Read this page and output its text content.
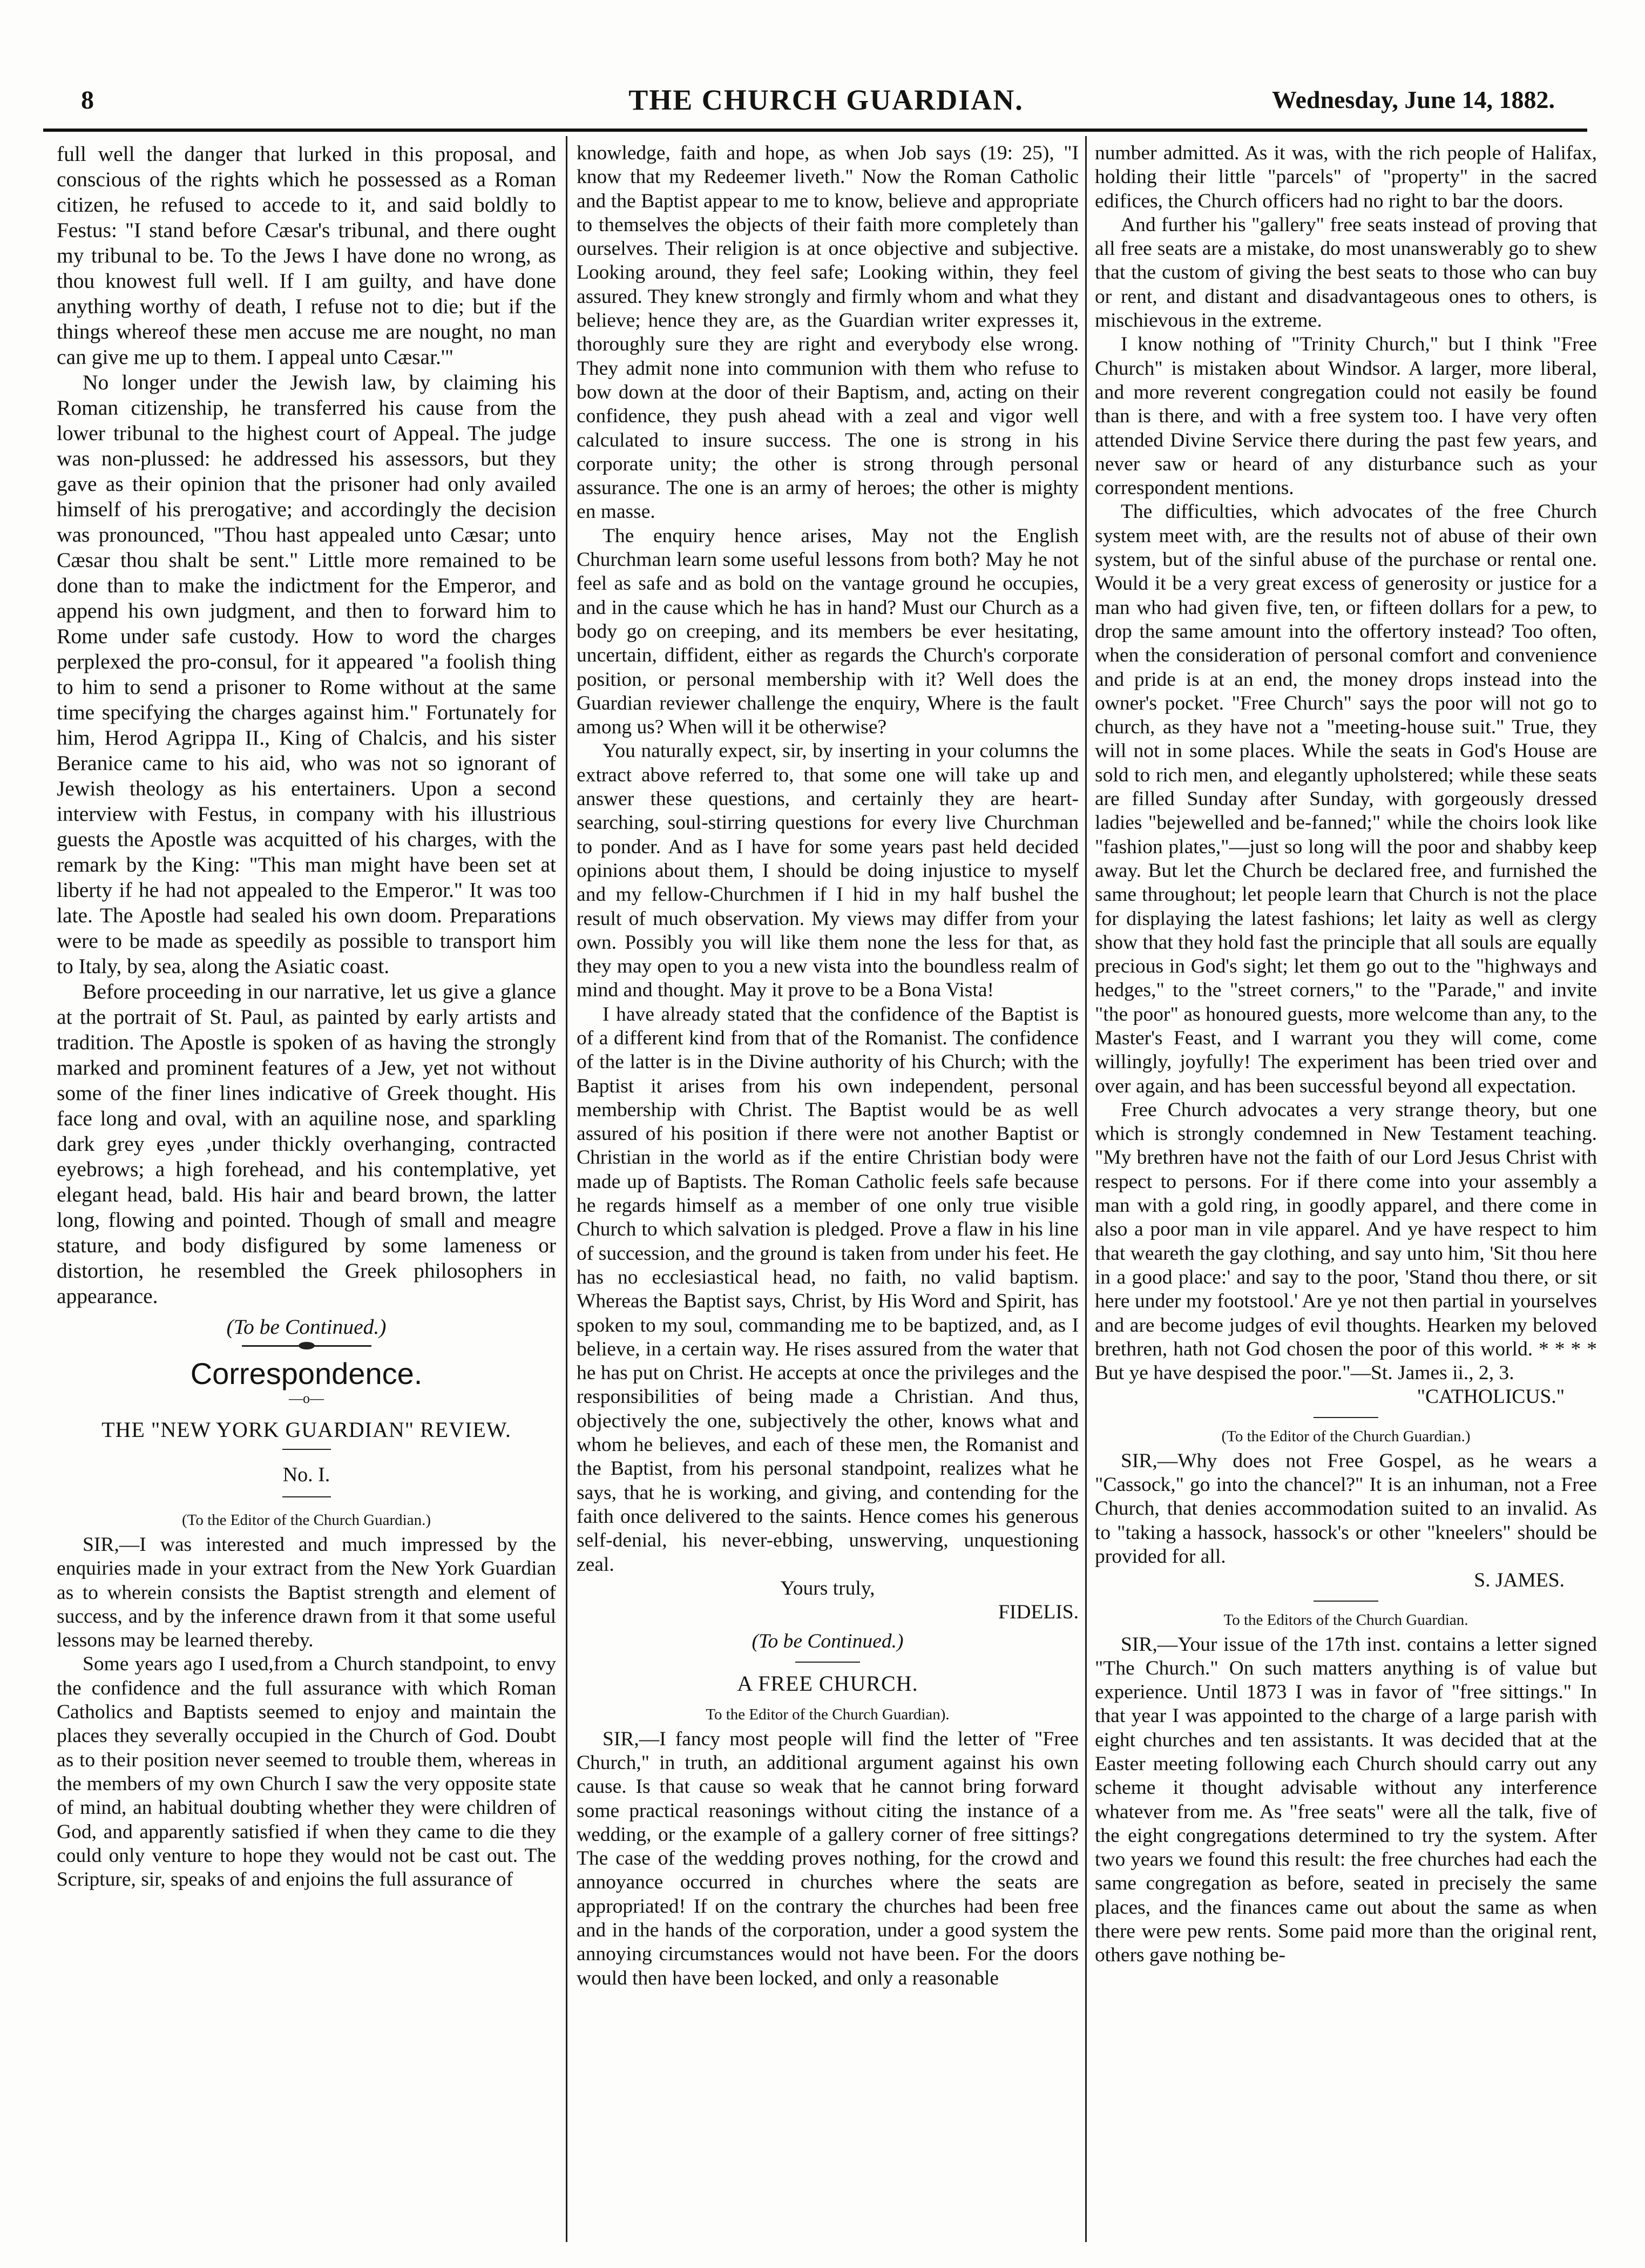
8	THE CHURCH GUARDIAN.	Wednesday, June 14, 1882.

full well the danger that lurked in this proposal, and conscious of the rights which he possessed as a Roman citizen, he refused to accede to it, and said boldly to Festus: "I stand before Cæsar's tribunal, and there ought my tribunal to be. To the Jews I have done no wrong, as thou knowest full well. If I am guilty, and have done anything worthy of death, I refuse not to die; but if the things whereof these men accuse me are nought, no man can give me up to them. I appeal unto Cæsar.'"

No longer under the Jewish law, by claiming his Roman citizenship, he transferred his cause from the lower tribunal to the highest court of Appeal. The judge was non-plussed: he addressed his assessors, but they gave as their opinion that the prisoner had only availed himself of his prerogative; and accordingly the decision was pronounced, "Thou hast appealed unto Cæsar; unto Cæsar thou shalt be sent." Little more remained to be done than to make the indictment for the Emperor, and append his own judgment, and then to forward him to Rome under safe custody. How to word the charges perplexed the pro-consul, for it appeared "a foolish thing to him to send a prisoner to Rome without at the same time specifying the charges against him." Fortunately for him, Herod Agrippa II., King of Chalcis, and his sister Beranice came to his aid, who was not so ignorant of Jewish theology as his entertainers. Upon a second interview with Festus, in company with his illustrious guests the Apostle was acquitted of his charges, with the remark by the King: "This man might have been set at liberty if he had not appealed to the Emperor." It was too late. The Apostle had sealed his own doom. Preparations were to be made as speedily as possible to transport him to Italy, by sea, along the Asiatic coast.

Before proceeding in our narrative, let us give a glance at the portrait of St. Paul, as painted by early artists and tradition. The Apostle is spoken of as having the strongly marked and prominent features of a Jew, yet not without some of the finer lines indicative of Greek thought. His face long and oval, with an aquiline nose, and sparkling dark grey eyes ,under thickly overhanging, contracted eyebrows; a high forehead, and his contemplative, yet elegant head, bald. His hair and beard brown, the latter long, flowing and pointed. Though of small and meagre stature, and body disfigured by some lameness or distortion, he resembled the Greek philosophers in appearance.

(To be Continued.)

Correspondence.

—o—

THE "NEW YORK GUARDIAN" REVIEW.

No. I.

(To the Editor of the Church Guardian.)

SIR,—I was interested and much impressed by the enquiries made in your extract from the New York Guardian as to wherein consists the Baptist strength and element of success, and by the inference drawn from it that some useful lessons may be learned thereby.

Some years ago I used,from a Church standpoint, to envy the confidence and the full assurance with which Roman Catholics and Baptists seemed to enjoy and maintain the places they severally occupied in the Church of God. Doubt as to their position never seemed to trouble them, whereas in the members of my own Church I saw the very opposite state of mind, an habitual doubting whether they were children of God, and apparently satisfied if when they came to die they could only venture to hope they would not be cast out. The Scripture, sir, speaks of and enjoins the full assurance of

knowledge, faith and hope, as when Job says (19: 25), "I know that my Redeemer liveth." Now the Roman Catholic and the Baptist appear to me to know, believe and appropriate to themselves the objects of their faith more completely than ourselves. Their religion is at once objective and subjective. Looking around, they feel safe; Looking within, they feel assured. They knew strongly and firmly whom and what they believe; hence they are, as the Guardian writer expresses it, thoroughly sure they are right and everybody else wrong. They admit none into communion with them who refuse to bow down at the door of their Baptism, and, acting on their confidence, they push ahead with a zeal and vigor well calculated to insure success. The one is strong in his corporate unity; the other is strong through personal assurance. The one is an army of heroes; the other is mighty en masse.

The enquiry hence arises, May not the English Churchman learn some useful lessons from both? May he not feel as safe and as bold on the vantage ground he occupies, and in the cause which he has in hand? Must our Church as a body go on creeping, and its members be ever hesitating, uncertain, diffident, either as regards the Church's corporate position, or personal membership with it? Well does the Guardian reviewer challenge the enquiry, Where is the fault among us? When will it be otherwise?

You naturally expect, sir, by inserting in your columns the extract above referred to, that some one will take up and answer these questions, and certainly they are heart-searching, soul-stirring questions for every live Churchman to ponder. And as I have for some years past held decided opinions about them, I should be doing injustice to myself and my fellow-Churchmen if I hid in my half bushel the result of much observation. My views may differ from your own. Possibly you will like them none the less for that, as they may open to you a new vista into the boundless realm of mind and thought. May it prove to be a Bona Vista!

I have already stated that the confidence of the Baptist is of a different kind from that of the Romanist. The confidence of the latter is in the Divine authority of his Church; with the Baptist it arises from his own independent, personal membership with Christ. The Baptist would be as well assured of his position if there were not another Baptist or Christian in the world as if the entire Christian body were made up of Baptists. The Roman Catholic feels safe because he regards himself as a member of one only true visible Church to which salvation is pledged. Prove a flaw in his line of succession, and the ground is taken from under his feet. He has no ecclesiastical head, no faith, no valid baptism. Whereas the Baptist says, Christ, by His Word and Spirit, has spoken to my soul, commanding me to be baptized, and, as I believe, in a certain way. He rises assured from the water that he has put on Christ. He accepts at once the privileges and the responsibilities of being made a Christian. And thus, objectively the one, subjectively the other, knows what and whom he believes, and each of these men, the Romanist and the Baptist, from his personal standpoint, realizes what he says, that he is working, and giving, and contending for the faith once delivered to the saints. Hence comes his generous self-denial, his never-ebbing, unswerving, unquestioning zeal.

Yours truly,

FIDELIS.

(To be Continued.)

A FREE CHURCH.

To the Editor of the Church Guardian).

SIR,—I fancy most people will find the letter of "Free Church," in truth, an additional argument against his own cause. Is that cause so weak that he cannot bring forward some practical reasonings without citing the instance of a wedding, or the example of a gallery corner of free sittings? The case of the wedding proves nothing, for the crowd and annoyance occurred in churches where the seats are appropriated! If on the contrary the churches had been free and in the hands of the corporation, under a good system the annoying circumstances would not have been. For the doors would then have been locked, and only a reasonable

number admitted. As it was, with the rich people of Halifax, holding their little "parcels" of "property" in the sacred edifices, the Church officers had no right to bar the doors.

And further his "gallery" free seats instead of proving that all free seats are a mistake, do most unanswerably go to shew that the custom of giving the best seats to those who can buy or rent, and distant and disadvantageous ones to others, is mischievous in the extreme.

I know nothing of "Trinity Church," but I think "Free Church" is mistaken about Windsor. A larger, more liberal, and more reverent congregation could not easily be found than is there, and with a free system too. I have very often attended Divine Service there during the past few years, and never saw or heard of any disturbance such as your correspondent mentions.

The difficulties, which advocates of the free Church system meet with, are the results not of abuse of their own system, but of the sinful abuse of the purchase or rental one. Would it be a very great excess of generosity or justice for a man who had given five, ten, or fifteen dollars for a pew, to drop the same amount into the offertory instead? Too often, when the consideration of personal comfort and convenience and pride is at an end, the money drops instead into the owner's pocket. "Free Church" says the poor will not go to church, as they have not a "meeting-house suit." True, they will not in some places. While the seats in God's House are sold to rich men, and elegantly upholstered; while these seats are filled Sunday after Sunday, with gorgeously dressed ladies "bejewelled and be-fanned;" while the choirs look like "fashion plates,"—just so long will the poor and shabby keep away. But let the Church be declared free, and furnished the same throughout; let people learn that Church is not the place for displaying the latest fashions; let laity as well as clergy show that they hold fast the principle that all souls are equally precious in God's sight; let them go out to the "highways and hedges," to the "street corners," to the "Parade," and invite "the poor" as honoured guests, more welcome than any, to the Master's Feast, and I warrant you they will come, come willingly, joyfully! The experiment has been tried over and over again, and has been successful beyond all expectation.

Free Church advocates a very strange theory, but one which is strongly condemned in New Testament teaching. "My brethren have not the faith of our Lord Jesus Christ with respect to persons. For if there come into your assembly a man with a gold ring, in goodly apparel, and there come in also a poor man in vile apparel. And ye have respect to him that weareth the gay clothing, and say unto him, 'Sit thou here in a good place:' and say to the poor, 'Stand thou there, or sit here under my footstool.' Are ye not then partial in yourselves and are become judges of evil thoughts. Hearken my beloved brethren, hath not God chosen the poor of this world. * * * * But ye have despised the poor."—St. James ii., 2, 3.

"CATHOLICUS."

(To the Editor of the Church Guardian.)

SIR,—Why does not Free Gospel, as he wears a "Cassock," go into the chancel?" It is an inhuman, not a Free Church, that denies accommodation suited to an invalid. As to "taking a hassock, hassock's or other "kneelers" should be provided for all.

S. JAMES.

To the Editors of the Church Guardian.

SIR,—Your issue of the 17th inst. contains a letter signed "The Church." On such matters anything is of value but experience. Until 1873 I was in favor of "free sittings." In that year I was appointed to the charge of a large parish with eight churches and ten assistants. It was decided that at the Easter meeting following each Church should carry out any scheme it thought advisable without any interference whatever from me. As "free seats" were all the talk, five of the eight congregations determined to try the system. After two years we found this result: the free churches had each the same congregation as before, seated in precisely the same places, and the finances came out about the same as when there were pew rents. Some paid more than the original rent, others gave nothing be-
